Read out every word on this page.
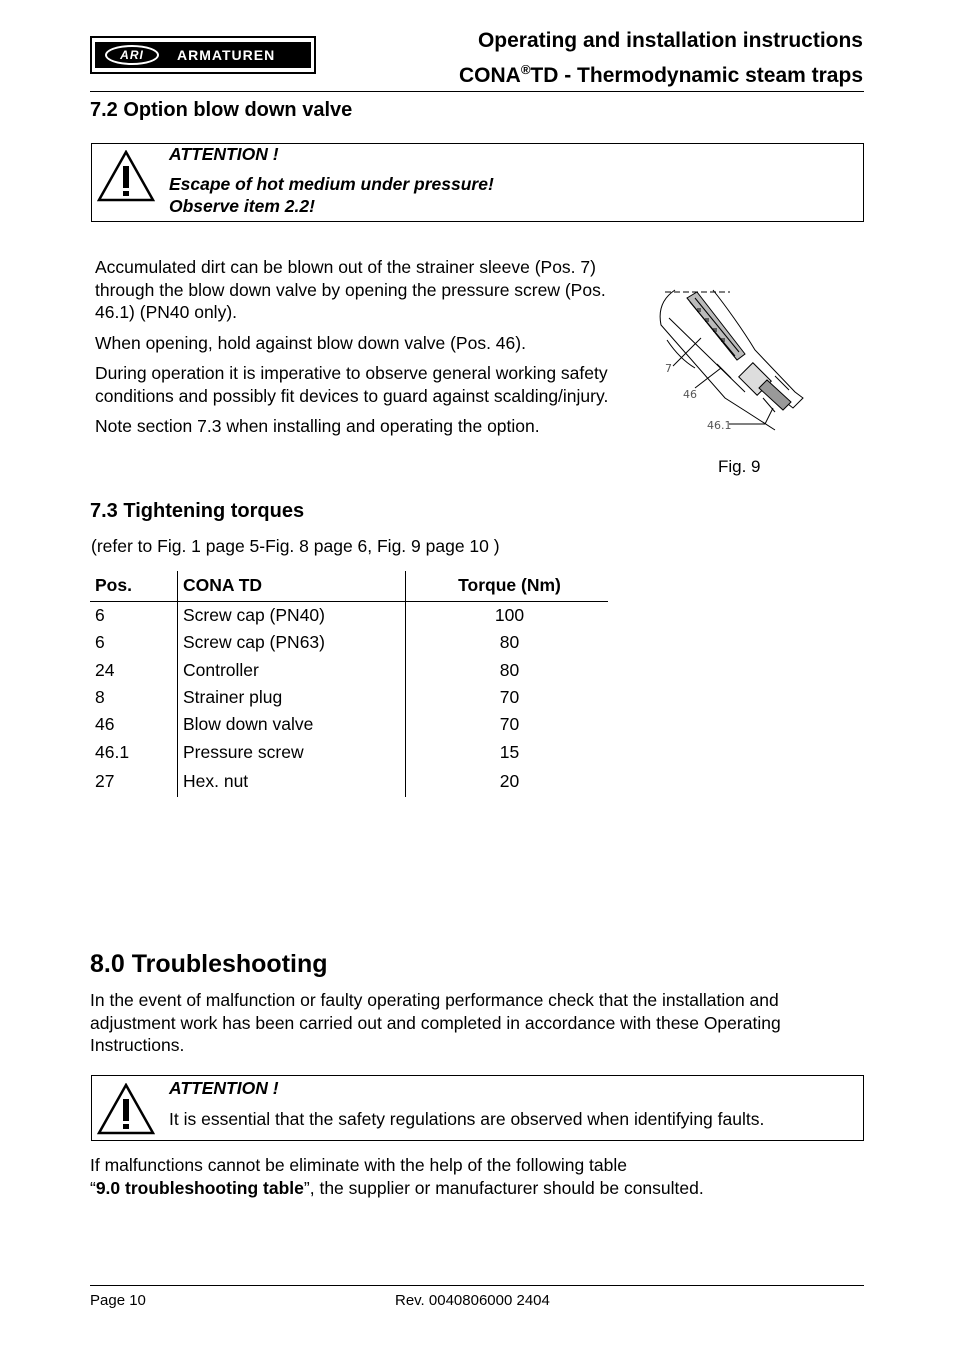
ARI	ARMATUREN
Operating and installation instructions
CONA®TD - Thermodynamic steam traps
7.2 Option blow down valve
ATTENTION !
Escape of hot medium under pressure!
Observe item 2.2!

Accumulated dirt can be blown out of the strainer sleeve (Pos. 7) through the blow down valve by opening the pressure screw (Pos. 46.1) (PN40 only).

When opening, hold against blow down valve (Pos. 46).

During operation it is imperative to observe general working safety conditions and possibly fit devices to guard against scalding/injury.

Note section 7.3 when installing and operating the option.

7
46
46.1
Fig. 9
7.3 Tightening torques
(refer to Fig. 1 page 5-Fig. 8 page 6, Fig. 9 page 10 )
Pos.	CONA TD	Torque (Nm)
6	Screw cap (PN40)	100
6	Screw cap (PN63)	80
24	Controller	80
8	Strainer plug	70
46	Blow down valve	70
46.1	Pressure screw	15
27	Hex. nut	20
8.0 Troubleshooting
In the event of malfunction or faulty operating performance check that the installation and adjustment work has been carried out and completed in accordance with these Operating Instructions.
ATTENTION !
It is essential that the safety regulations are observed when identifying faults.
If malfunctions cannot be eliminate with the help of the following table
“9.0 troubleshooting table”, the supplier or manufacturer should be consulted.
Page 10	Rev. 0040806000 2404
